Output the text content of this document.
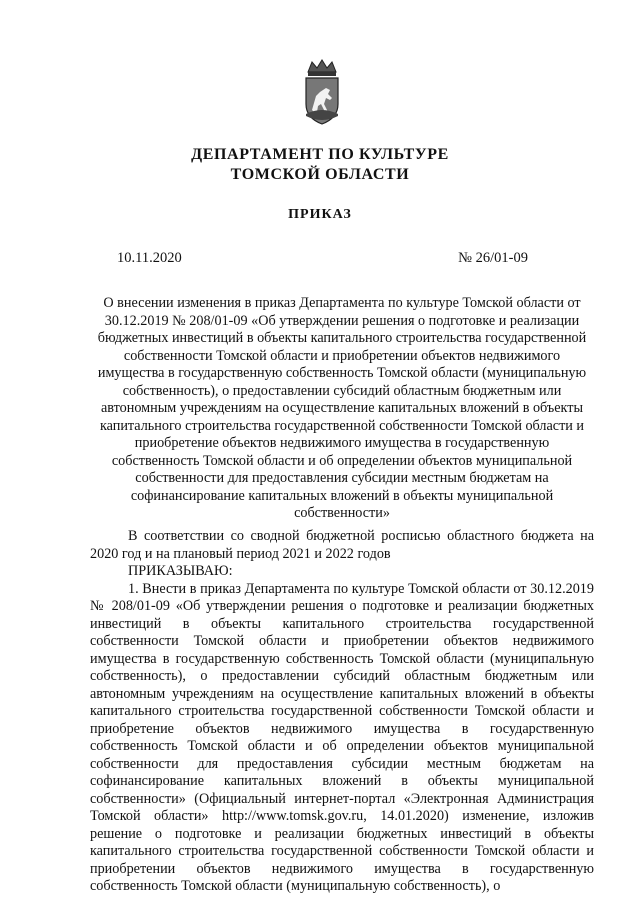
ДЕПАРТАМЕНТ ПО КУЛЬТУРЕ
ТОМСКОЙ ОБЛАСТИ
ПРИКАЗ
10.11.2020	№ 26/01-09
О внесении изменения в приказ Департамента по культуре Томской области от 30.12.2019 № 208/01-09 «Об утверждении решения о подготовке и реализации бюджетных инвестиций в объекты капитального строительства государственной собственности Томской области и приобретении объектов недвижимого имущества в государственную собственность Томской области (муниципальную собственность), о предоставлении субсидий областным бюджетным или автономным учреждениям на осуществление капитальных вложений в объекты капитального строительства государственной собственности Томской области и приобретение объектов недвижимого имущества в государственную собственность Томской области и об определении объектов муниципальной собственности для предоставления субсидии местным бюджетам на софинансирование капитальных вложений в объекты муниципальной собственности»

В соответствии со сводной бюджетной росписью областного бюджета на 2020 год и на плановый период 2021 и 2022 годов

ПРИКАЗЫВАЮ:

1. Внести в приказ Департамента по культуре Томской области от 30.12.2019 № 208/01-09 «Об утверждении решения о подготовке и реализации бюджетных инвестиций в объекты капитального строительства государственной собственности Томской области и приобретении объектов недвижимого имущества в государственную собственность Томской области (муниципальную собственность), о предоставлении субсидий областным бюджетным или автономным учреждениям на осуществление капитальных вложений в объекты капитального строительства государственной собственности Томской области и приобретение объектов недвижимого имущества в государственную собственность Томской области и об определении объектов муниципальной собственности для предоставления субсидии местным бюджетам на софинансирование капитальных вложений в объекты муниципальной собственности» (Официальный интернет-портал «Электронная Администрация Томской области» http://www.tomsk.gov.ru, 14.01.2020) изменение, изложив решение о подготовке и реализации бюджетных инвестиций в объекты капитального строительства государственной собственности Томской области и приобретении объектов недвижимого имущества в государственную собственность Томской области (муниципальную собственность), о
